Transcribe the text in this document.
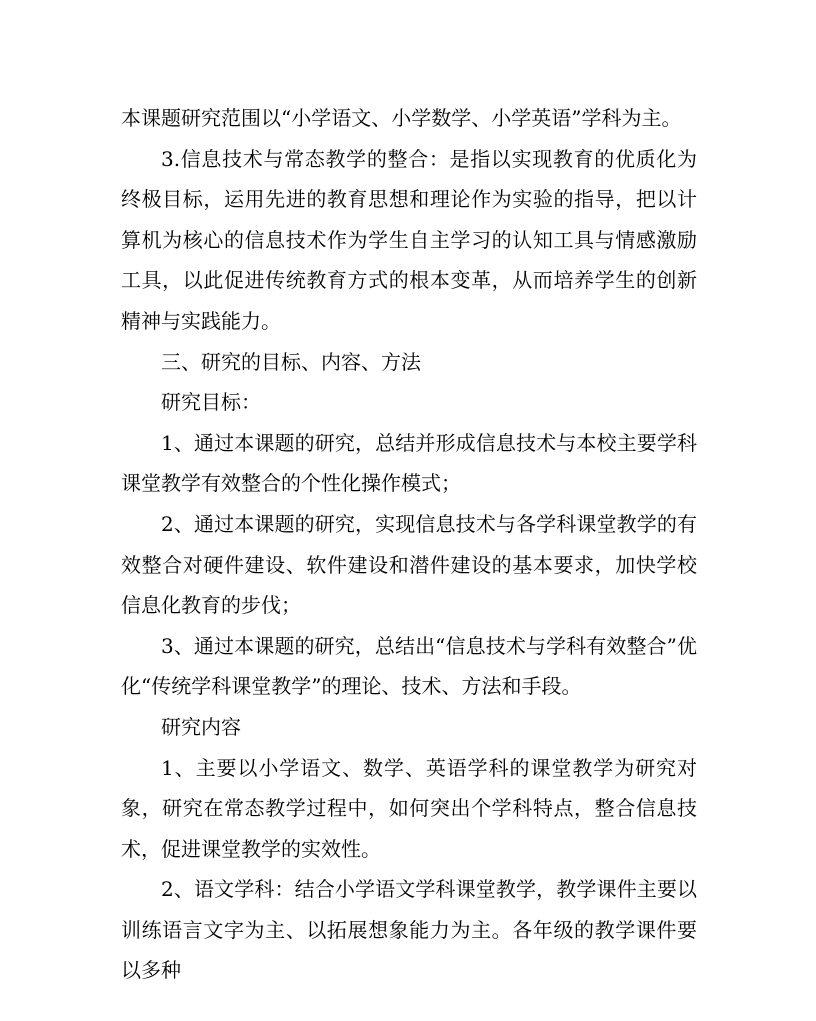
本课题研究范围以“小学语文、小学数学、小学英语”学科为主。

3.信息技术与常态教学的整合：是指以实现教育的优质化为终极目标，运用先进的教育思想和理论作为实验的指导，把以计算机为核心的信息技术作为学生自主学习的认知工具与情感激励工具，以此促进传统教育方式的根本变革，从而培养学生的创新精神与实践能力。

三、研究的目标、内容、方法

研究目标：

1、通过本课题的研究，总结并形成信息技术与本校主要学科课堂教学有效整合的个性化操作模式；

2、通过本课题的研究，实现信息技术与各学科课堂教学的有效整合对硬件建设、软件建设和潜件建设的基本要求，加快学校信息化教育的步伐；

3、通过本课题的研究，总结出“信息技术与学科有效整合”优化“传统学科课堂教学”的理论、技术、方法和手段。

研究内容

1、主要以小学语文、数学、英语学科的课堂教学为研究对象，研究在常态教学过程中，如何突出个学科特点，整合信息技术，促进课堂教学的实效性。

2、语文学科：结合小学语文学科课堂教学，教学课件主要以训练语言文字为主、以拓展想象能力为主。各年级的教学课件要以多种
